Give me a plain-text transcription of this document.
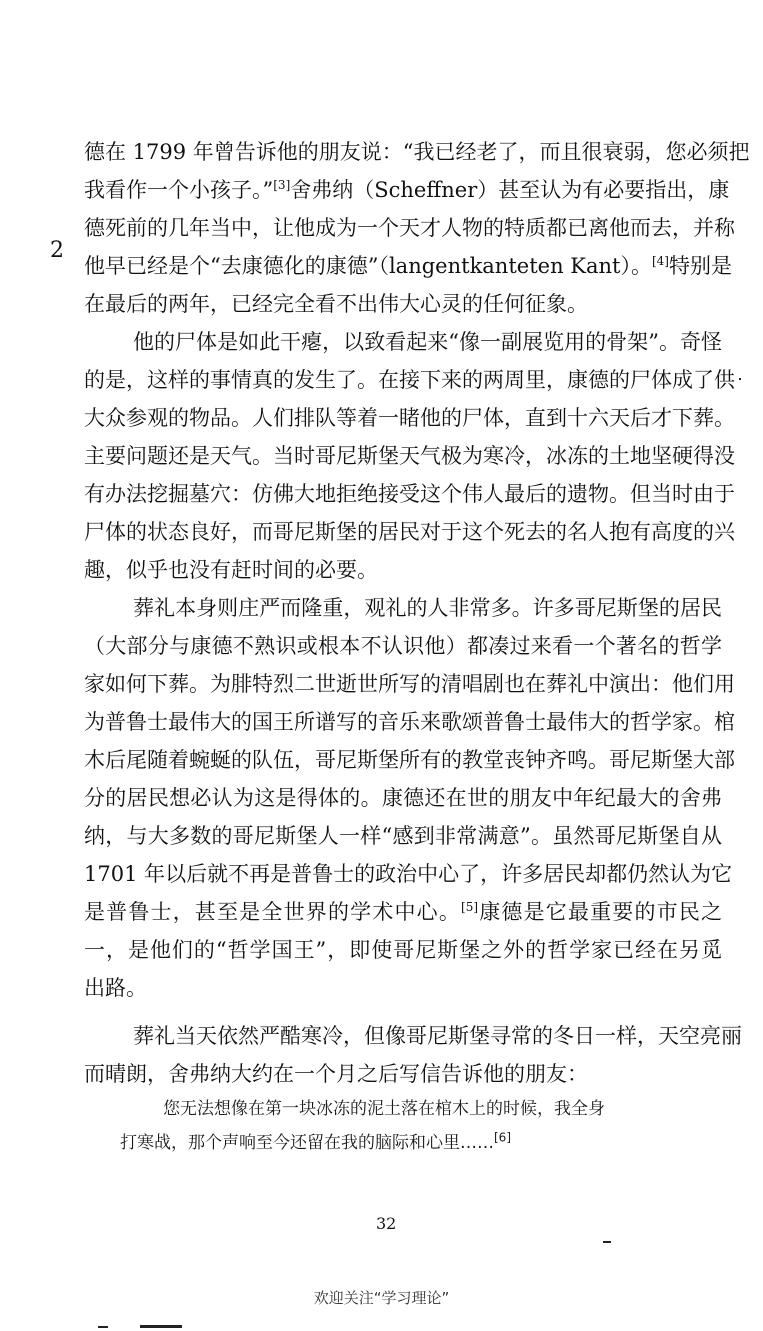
2
德在 1799 年曾告诉他的朋友说：“我已经老了，而且很衰弱，您必须把
我看作一个小孩子。”[3]舍弗纳（Scheffner）甚至认为有必要指出，康
德死前的几年当中，让他成为一个天才人物的特质都已离他而去，并称
他早已经是个“去康德化的康德”（langentkanteten Kant）。[4]特别是
在最后的两年，已经完全看不出伟大心灵的任何征象。
他的尸体是如此干瘪，以致看起来“像一副展览用的骨架”。奇怪
的是，这样的事情真的发生了。在接下来的两周里，康德的尸体成了供
大众参观的物品。人们排队等着一睹他的尸体，直到十六天后才下葬。
主要问题还是天气。当时哥尼斯堡天气极为寒冷，冰冻的土地坚硬得没
有办法挖掘墓穴：仿佛大地拒绝接受这个伟人最后的遗物。但当时由于
尸体的状态良好，而哥尼斯堡的居民对于这个死去的名人抱有高度的兴
趣，似乎也没有赶时间的必要。
葬礼本身则庄严而隆重，观礼的人非常多。许多哥尼斯堡的居民
（大部分与康德不熟识或根本不认识他）都凑过来看一个著名的哲学
家如何下葬。为腓特烈二世逝世所写的清唱剧也在葬礼中演出：他们用
为普鲁士最伟大的国王所谱写的音乐来歌颂普鲁士最伟大的哲学家。棺
木后尾随着蜿蜒的队伍，哥尼斯堡所有的教堂丧钟齐鸣。哥尼斯堡大部
分的居民想必认为这是得体的。康德还在世的朋友中年纪最大的舍弗
纳，与大多数的哥尼斯堡人一样“感到非常满意”。虽然哥尼斯堡自从
1701 年以后就不再是普鲁士的政治中心了，许多居民却都仍然认为它
是普鲁士，甚至是全世界的学术中心。[5]康德是它最重要的市民之
一，是他们的“哲学国王”，即使哥尼斯堡之外的哲学家已经在另觅
出路。
葬礼当天依然严酷寒冷，但像哥尼斯堡寻常的冬日一样，天空亮丽
而晴朗，舍弗纳大约在一个月之后写信告诉他的朋友：
您无法想像在第一块冰冻的泥土落在棺木上的时候，我全身
打寒战，那个声响至今还留在我的脑际和心里……[6]
32
欢迎关注“学习理论”
